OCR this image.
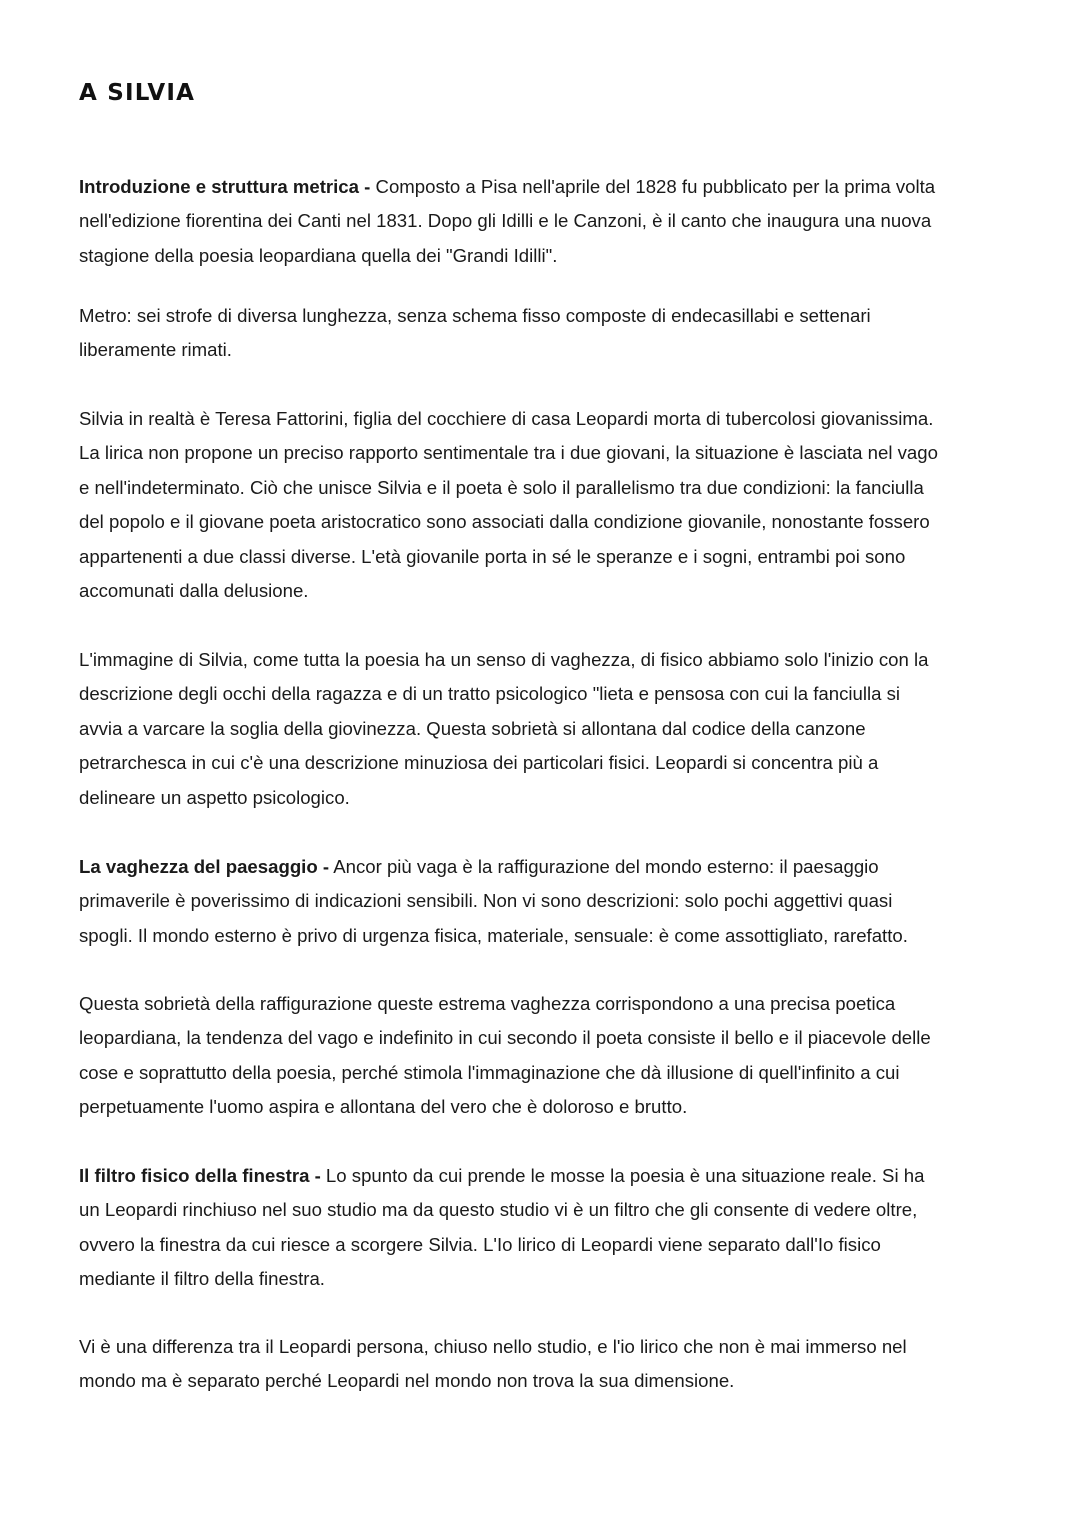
A SILVIA

Introduzione e struttura metrica - Composto a Pisa nell'aprile del 1828 fu pubblicato per la prima volta
nell'edizione fiorentina dei Canti nel 1831. Dopo gli Idilli e le Canzoni, è il canto che inaugura una nuova
stagione della poesia leopardiana quella dei "Grandi Idilli".

Metro: sei strofe di diversa lunghezza, senza schema fisso composte di endecasillabi e settenari
liberamente rimati.

Silvia in realtà è Teresa Fattorini, figlia del cocchiere di casa Leopardi morta di tubercolosi giovanissima.
La lirica non propone un preciso rapporto sentimentale tra i due giovani, la situazione è lasciata nel vago
e nell'indeterminato. Ciò che unisce Silvia e il poeta è solo il parallelismo tra due condizioni: la fanciulla
del popolo e il giovane poeta aristocratico sono associati dalla condizione giovanile, nonostante fossero
appartenenti a due classi diverse. L'età giovanile porta in sé le speranze e i sogni, entrambi poi sono
accomunati dalla delusione.

L'immagine di Silvia, come tutta la poesia ha un senso di vaghezza, di fisico abbiamo solo l'inizio con la
descrizione degli occhi della ragazza e di un tratto psicologico "lieta e pensosa con cui la fanciulla si
avvia a varcare la soglia della giovinezza. Questa sobrietà si allontana dal codice della canzone
petrarchesca in cui c'è una descrizione minuziosa dei particolari fisici. Leopardi si concentra più a
delineare un aspetto psicologico.

La vaghezza del paesaggio - Ancor più vaga è la raffigurazione del mondo esterno: il paesaggio
primaverile è poverissimo di indicazioni sensibili. Non vi sono descrizioni: solo pochi aggettivi quasi
spogli. Il mondo esterno è privo di urgenza fisica, materiale, sensuale: è come assottigliato, rarefatto.

Questa sobrietà della raffigurazione queste estrema vaghezza corrispondono a una precisa poetica
leopardiana, la tendenza del vago e indefinito in cui secondo il poeta consiste il bello e il piacevole delle
cose e soprattutto della poesia, perché stimola l'immaginazione che dà illusione di quell'infinito a cui
perpetuamente l'uomo aspira e allontana del vero che è doloroso e brutto.

Il filtro fisico della finestra - Lo spunto da cui prende le mosse la poesia è una situazione reale. Si ha
un Leopardi rinchiuso nel suo studio ma da questo studio vi è un filtro che gli consente di vedere oltre,
ovvero la finestra da cui riesce a scorgere Silvia. L'Io lirico di Leopardi viene separato dall'Io fisico
mediante il filtro della finestra.

Vi è una differenza tra il Leopardi persona, chiuso nello studio, e l'io lirico che non è mai immerso nel
mondo ma è separato perché Leopardi nel mondo non trova la sua dimensione.
